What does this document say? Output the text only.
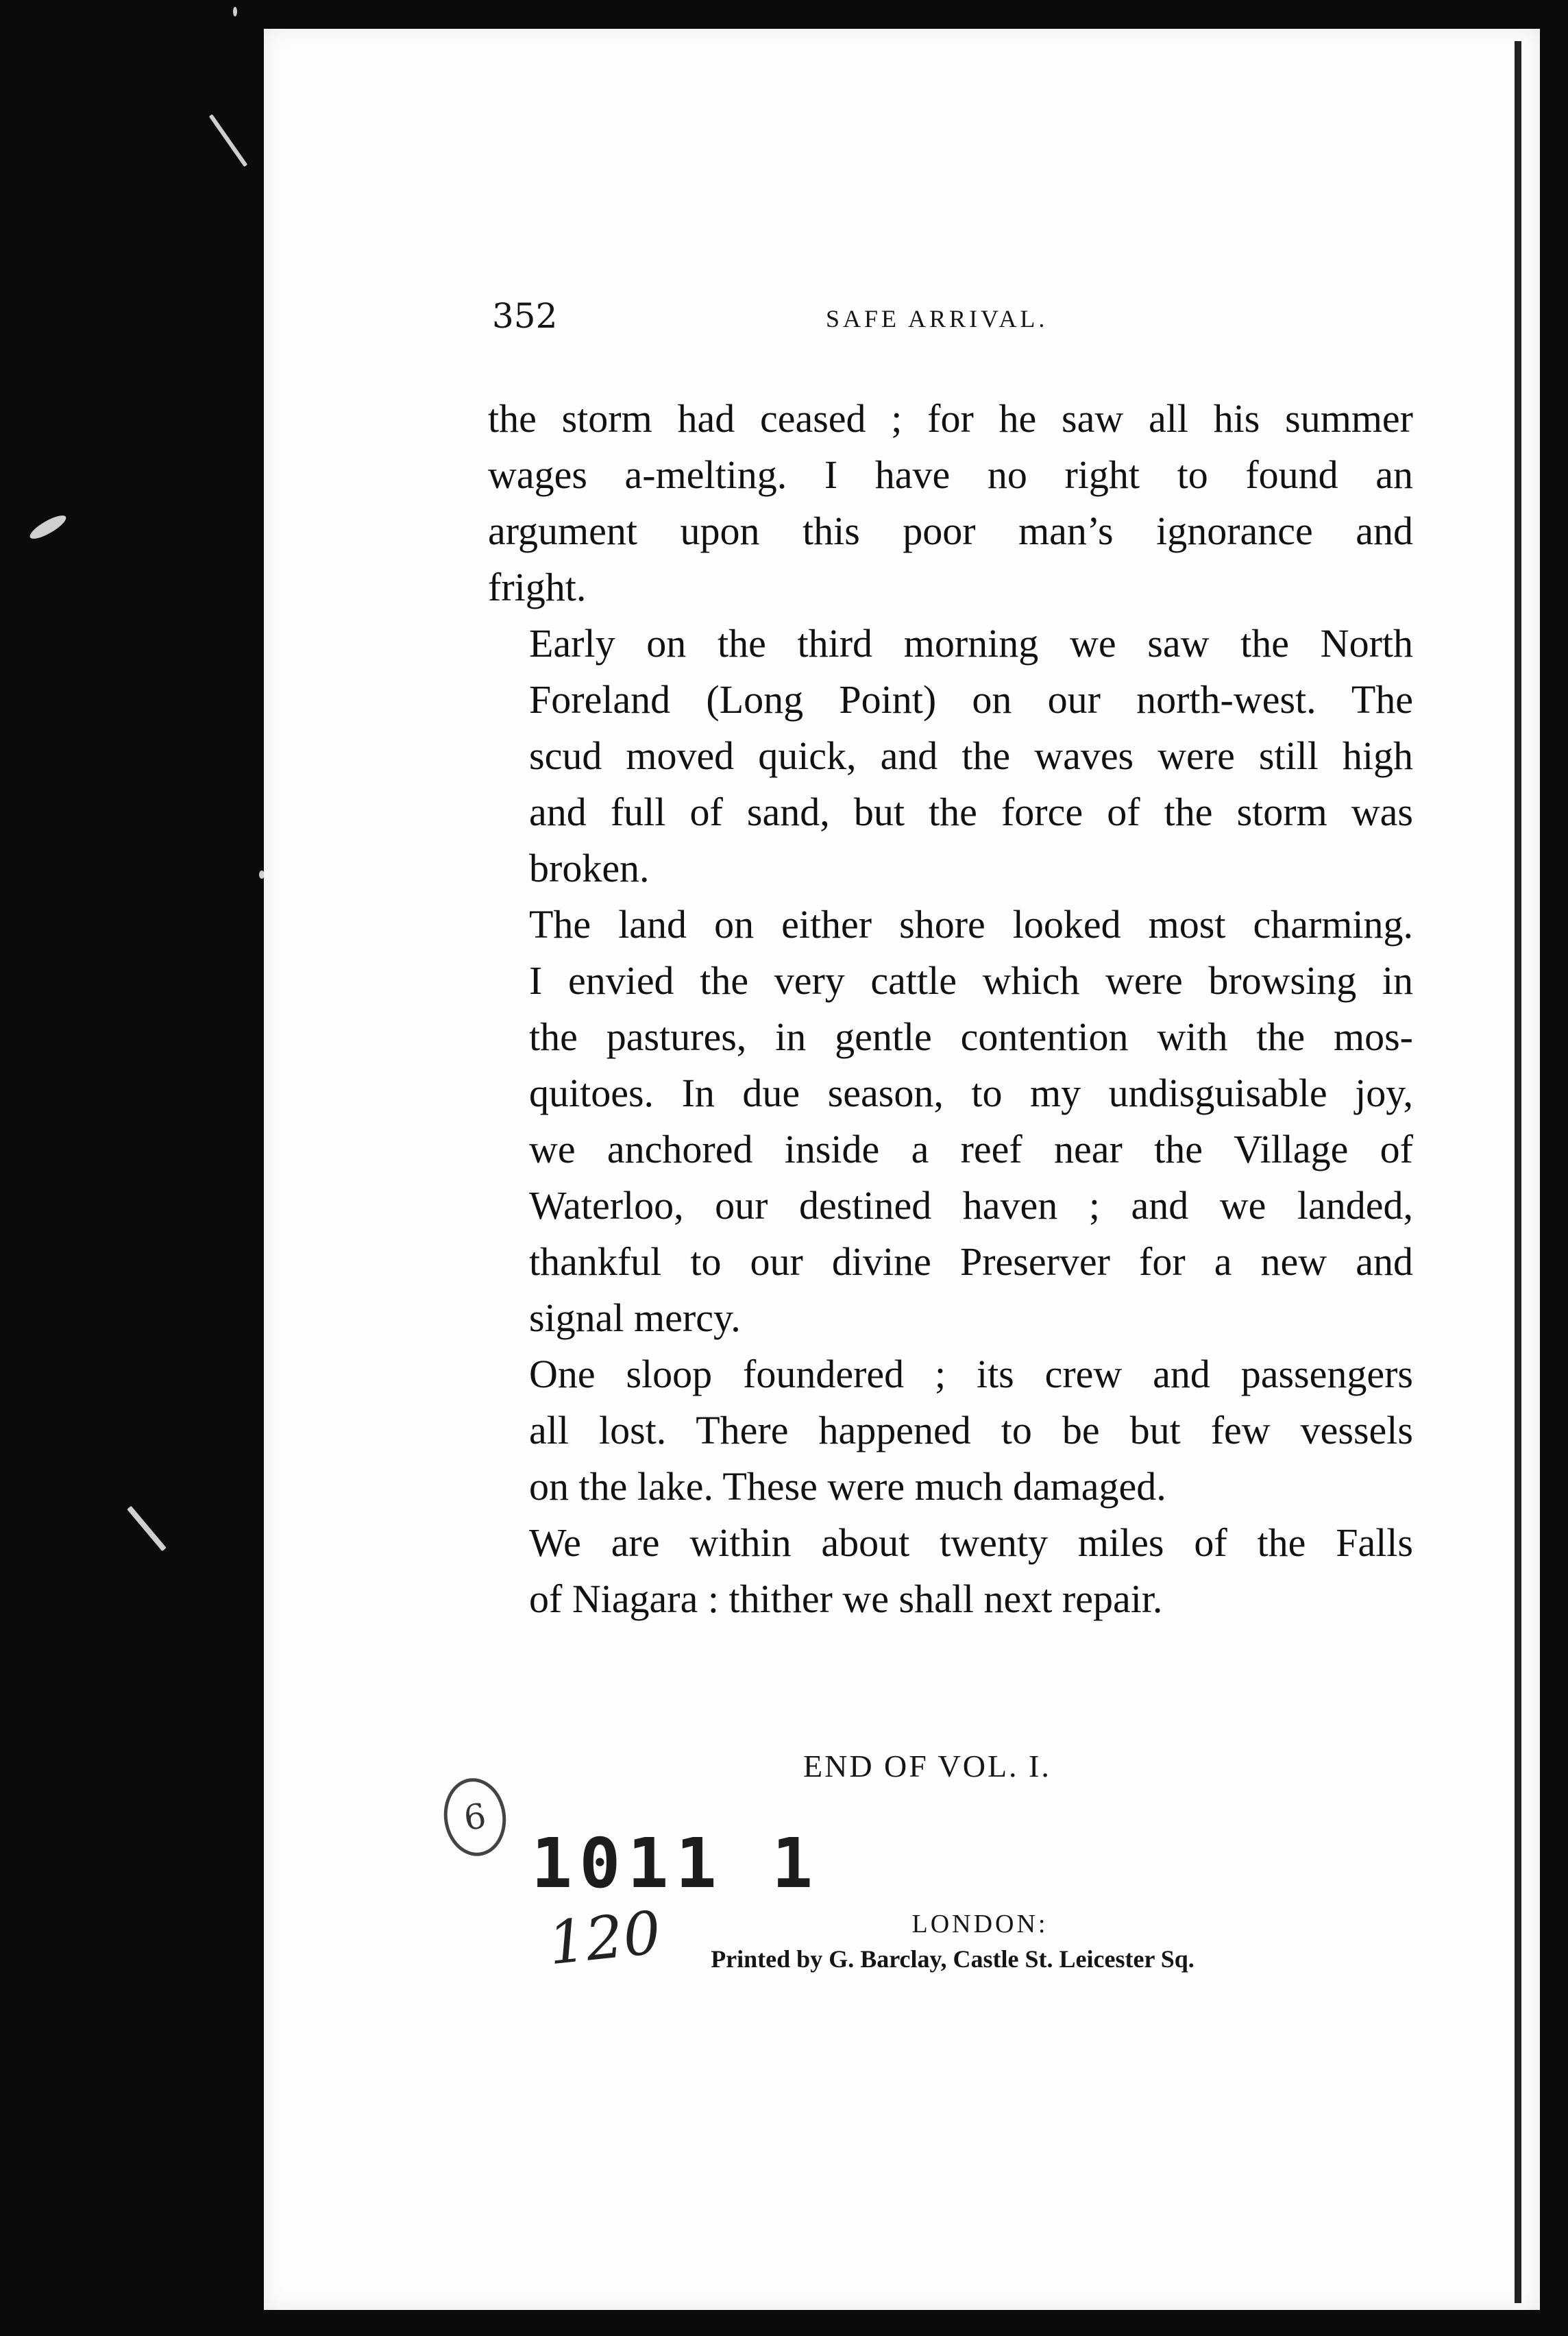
352	SAFE ARRIVAL.

the storm had ceased ; for he saw all his summer
wages a-melting. I have no right to found an
argument upon this poor man’s ignorance and
fright.

Early on the third morning we saw the North
Foreland (Long Point) on our north-west. The
scud moved quick, and the waves were still high
and full of sand, but the force of the storm was
broken.

The land on either shore looked most charming.
I envied the very cattle which were browsing in
the pastures, in gentle contention with the mos-
quitoes. In due season, to my undisguisable joy,
we anchored inside a reef near the Village of
Waterloo, our destined haven ; and we landed,
thankful to our divine Preserver for a new and
signal mercy.

One sloop foundered ; its crew and passengers
all lost. There happened to be but few vessels
on the lake. These were much damaged.

We are within about twenty miles of the Falls
of Niagara : thither we shall next repair.

END OF VOL. I.
6
1011 1
120	LONDON:
Printed by G. Barclay, Castle St. Leicester Sq.
